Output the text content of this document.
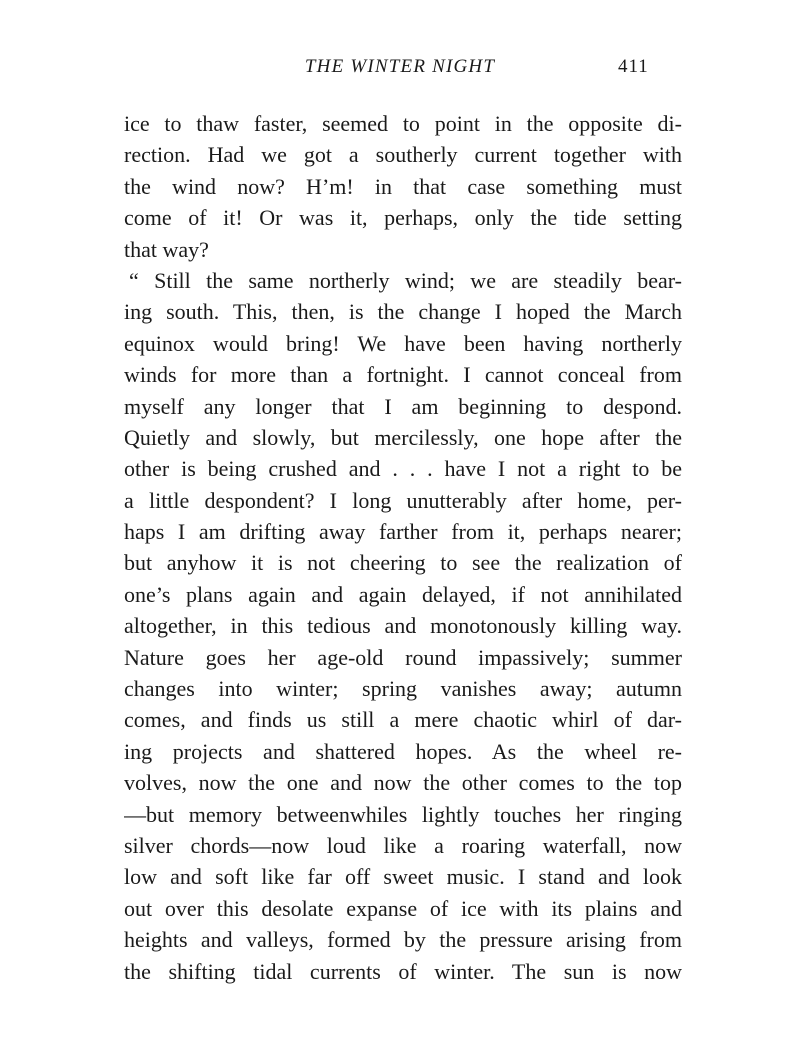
THE WINTER NIGHT	411
ice to thaw faster, seemed to point in the opposite di-
rection. Had we got a southerly current together with
the wind now? H’m! in that case something must
come of it! Or was it, perhaps, only the tide setting
that way?
“ Still the same northerly wind; we are steadily bear-
ing south. This, then, is the change I hoped the March
equinox would bring! We have been having northerly
winds for more than a fortnight. I cannot conceal from
myself any longer that I am beginning to despond.
Quietly and slowly, but mercilessly, one hope after the
other is being crushed and . . . have I not a right to be
a little despondent? I long unutterably after home, per-
haps I am drifting away farther from it, perhaps nearer;
but anyhow it is not cheering to see the realization of
one’s plans again and again delayed, if not annihilated
altogether, in this tedious and monotonously killing way.
Nature goes her age-old round impassively; summer
changes into winter; spring vanishes away; autumn
comes, and finds us still a mere chaotic whirl of dar-
ing projects and shattered hopes. As the wheel re-
volves, now the one and now the other comes to the top
—but memory betweenwhiles lightly touches her ringing
silver chords—now loud like a roaring waterfall, now
low and soft like far off sweet music. I stand and look
out over this desolate expanse of ice with its plains and
heights and valleys, formed by the pressure arising from
the shifting tidal currents of winter. The sun is now
